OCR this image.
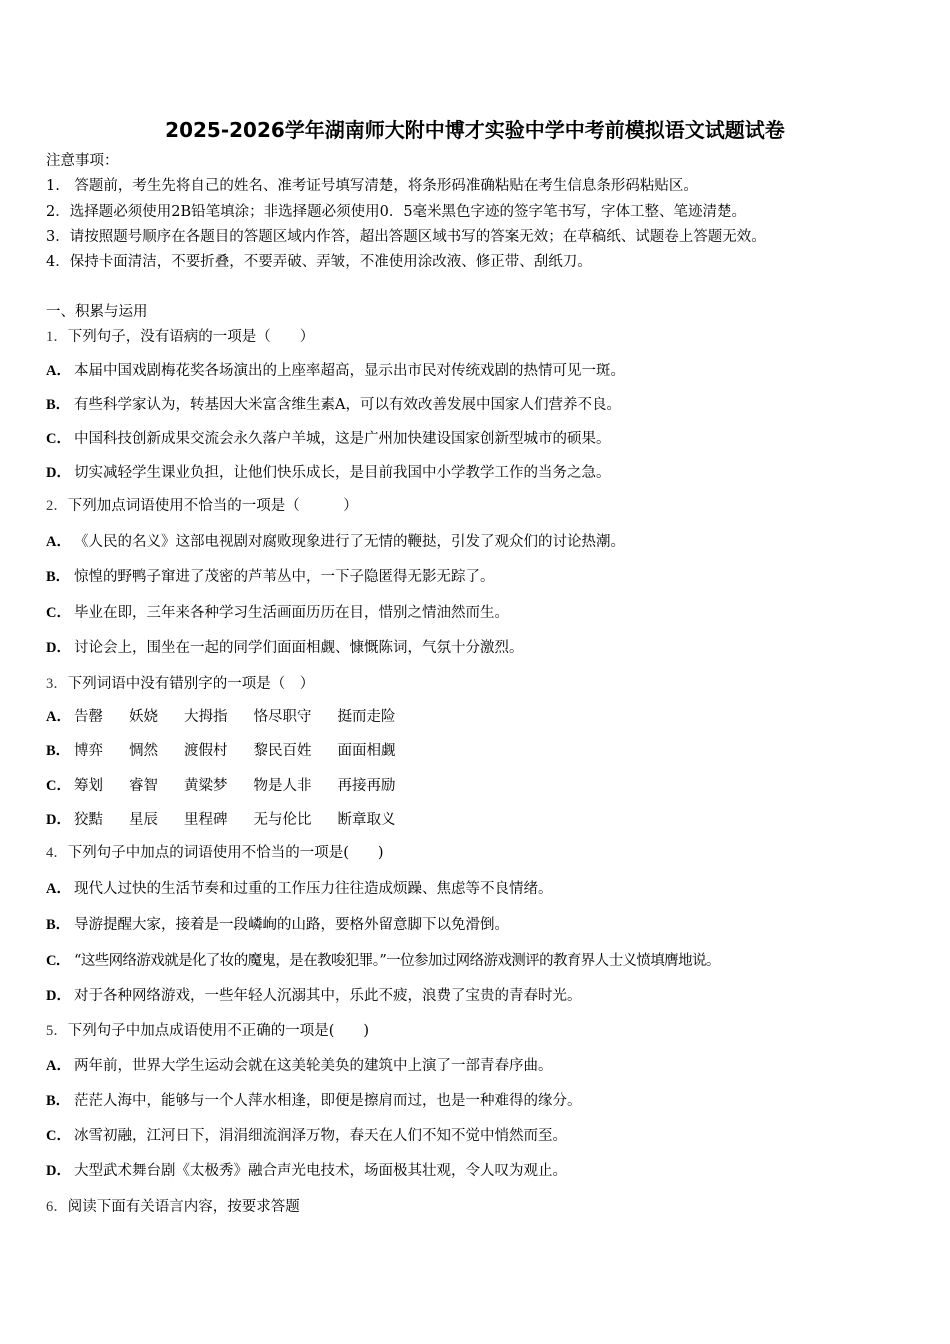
2025-2026学年湖南师大附中博才实验中学中考前模拟语文试题试卷
注意事项：
1.　答题前，考生先将自己的姓名、准考证号填写清楚，将条形码准确粘贴在考生信息条形码粘贴区。
2．选择题必须使用2B铅笔填涂；非选择题必须使用0．5毫米黑色字迹的签字笔书写，字体工整、笔迹清楚。
3．请按照题号顺序在各题目的答题区域内作答，超出答题区域书写的答案无效；在草稿纸、试题卷上答题无效。
4．保持卡面清洁，不要折叠，不要弄破、弄皱，不准使用涂改液、修正带、刮纸刀。
一、积累与运用
1．下列句子，没有语病的一项是（　　）
A． 本届中国戏剧梅花奖各场演出的上座率超高，显示出市民对传统戏剧的热情可见一斑。
B． 有些科学家认为，转基因大米富含维生素A，可以有效改善发展中国家人们营养不良。
C． 中国科技创新成果交流会永久落户羊城，这是广州加快建设国家创新型城市的硕果。
D． 切实减轻学生课业负担，让他们快乐成长，是目前我国中小学教学工作的当务之急。
2．下列加点词语使用不恰当的一项是（　　　）
A． 《人民的名义》这部电视剧对腐败现象进行了无情的鞭挞，引发了观众们的讨论热潮。
B． 惊惶的野鸭子窜进了茂密的芦苇丛中，一下子隐匿得无影无踪了。
C． 毕业在即，三年来各种学习生活画面历历在目，惜别之情油然而生。
D． 讨论会上，围坐在一起的同学们面面相觑、慷慨陈词，气氛十分激烈。
3．下列词语中没有错别字的一项是（　）
A． 告罄 妖娆 大拇指 恪尽职守 挺而走险
B． 博弈 惆然 渡假村 黎民百姓 面面相觑
C． 筹划 睿智 黄粱梦 物是人非 再接再励
D． 狡黠 星辰 里程碑 无与伦比 断章取义
4．下列句子中加点的词语使用不恰当的一项是(　　)
A． 现代人过快的生活节奏和过重的工作压力往往造成烦躁、焦虑等不良情绪。
B． 导游提醒大家，接着是一段嶙峋的山路，要格外留意脚下以免滑倒。
C． “这些网络游戏就是化了妆的魔鬼，是在教唆犯罪。”一位参加过网络游戏测评的教育界人士义愤填膺地说。
D． 对于各种网络游戏，一些年轻人沉溺其中，乐此不疲，浪费了宝贵的青春时光。
5．下列句子中加点成语使用不正确的一项是(　　)
A． 两年前，世界大学生运动会就在这美轮美奂的建筑中上演了一部青春序曲。
B． 茫茫人海中，能够与一个人萍水相逢，即便是擦肩而过，也是一种难得的缘分。
C． 冰雪初融，江河日下，涓涓细流润泽万物，春天在人们不知不觉中悄然而至。
D． 大型武术舞台剧《太极秀》融合声光电技术，场面极其壮观，令人叹为观止。
6．阅读下面有关语言内容，按要求答题
